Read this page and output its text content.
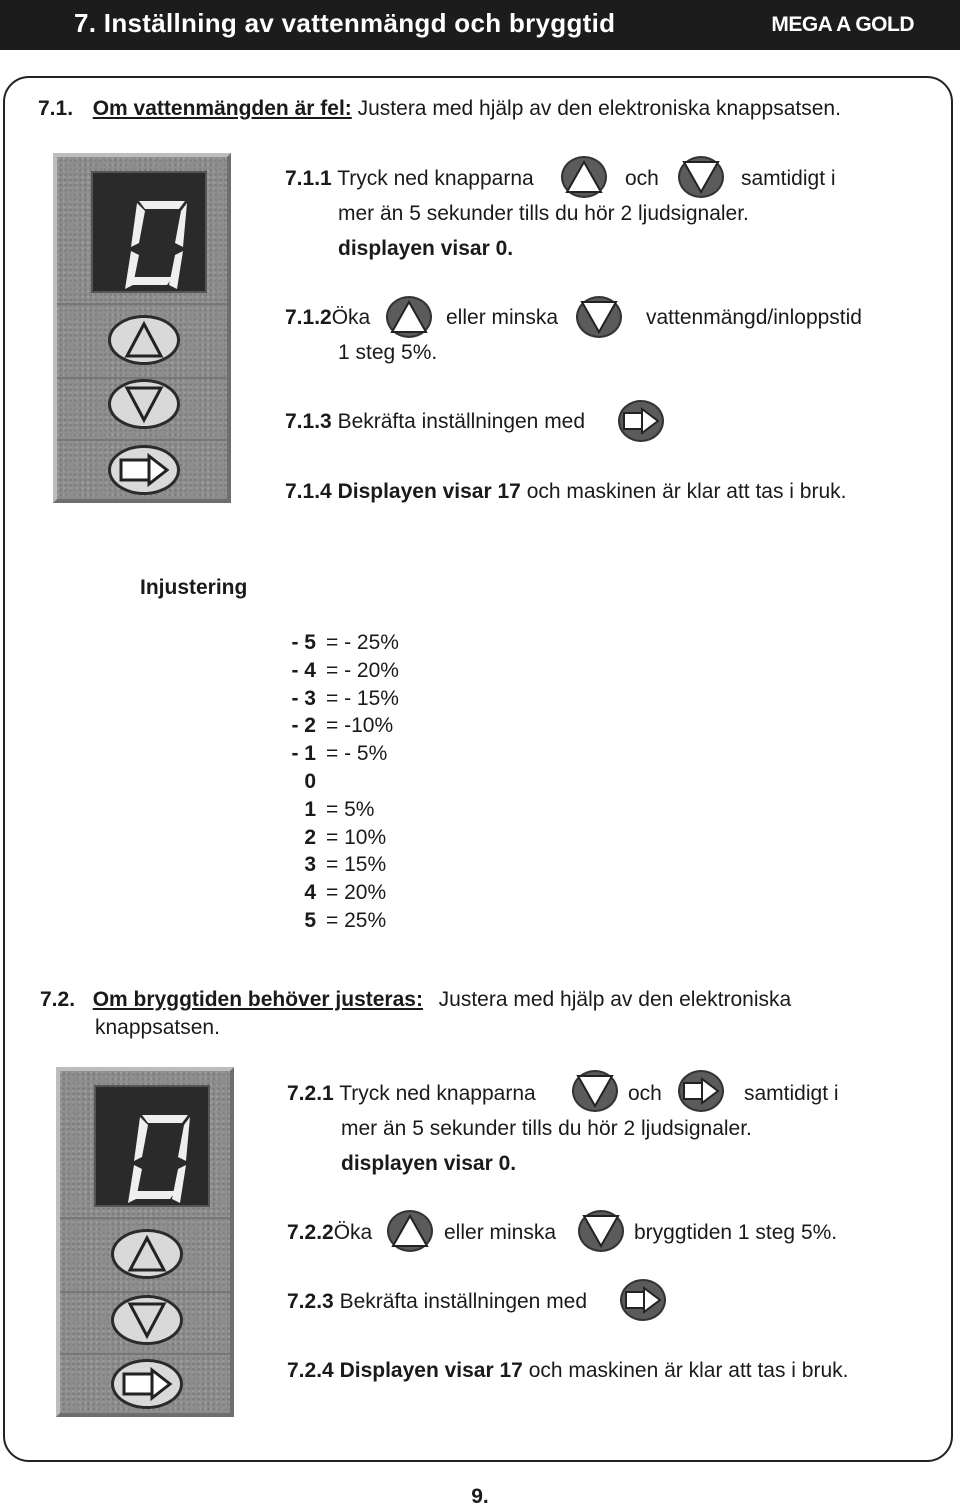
7. Inställning av vattenmängd och bryggtid	MEGA A GOLD
7.1. Om vattenmängden är fel: Justera med hjälp av den elektroniska knappsatsen.
7.1.1 Tryck ned knapparna	och	samtidigt i
mer än 5 sekunder tills du hör 2 ljudsignaler.
displayen visar 0.
7.1.2Öka	eller minska	vattenmängd/inloppstid
1 steg 5%.
7.1.3 Bekräfta inställningen med
7.1.4 Displayen visar 17 och maskinen är klar att tas i bruk.
Injustering
- 5 = - 25%
- 4 = - 20%
- 3 = - 15%
- 2 = -10%
- 1 = - 5%
0
1 = 5%
2 = 10%
3 = 15%
4 = 20%
5 = 25%
7.2. Om bryggtiden behöver justeras: Justera med hjälp av den elektroniska
knappsatsen.
7.2.1 Tryck ned knapparna	och	samtidigt i
mer än 5 sekunder tills du hör 2 ljudsignaler.
displayen visar 0.
7.2.2Öka	eller minska	bryggtiden 1 steg 5%.
7.2.3 Bekräfta inställningen med
7.2.4 Displayen visar 17 och maskinen är klar att tas i bruk.
9.
